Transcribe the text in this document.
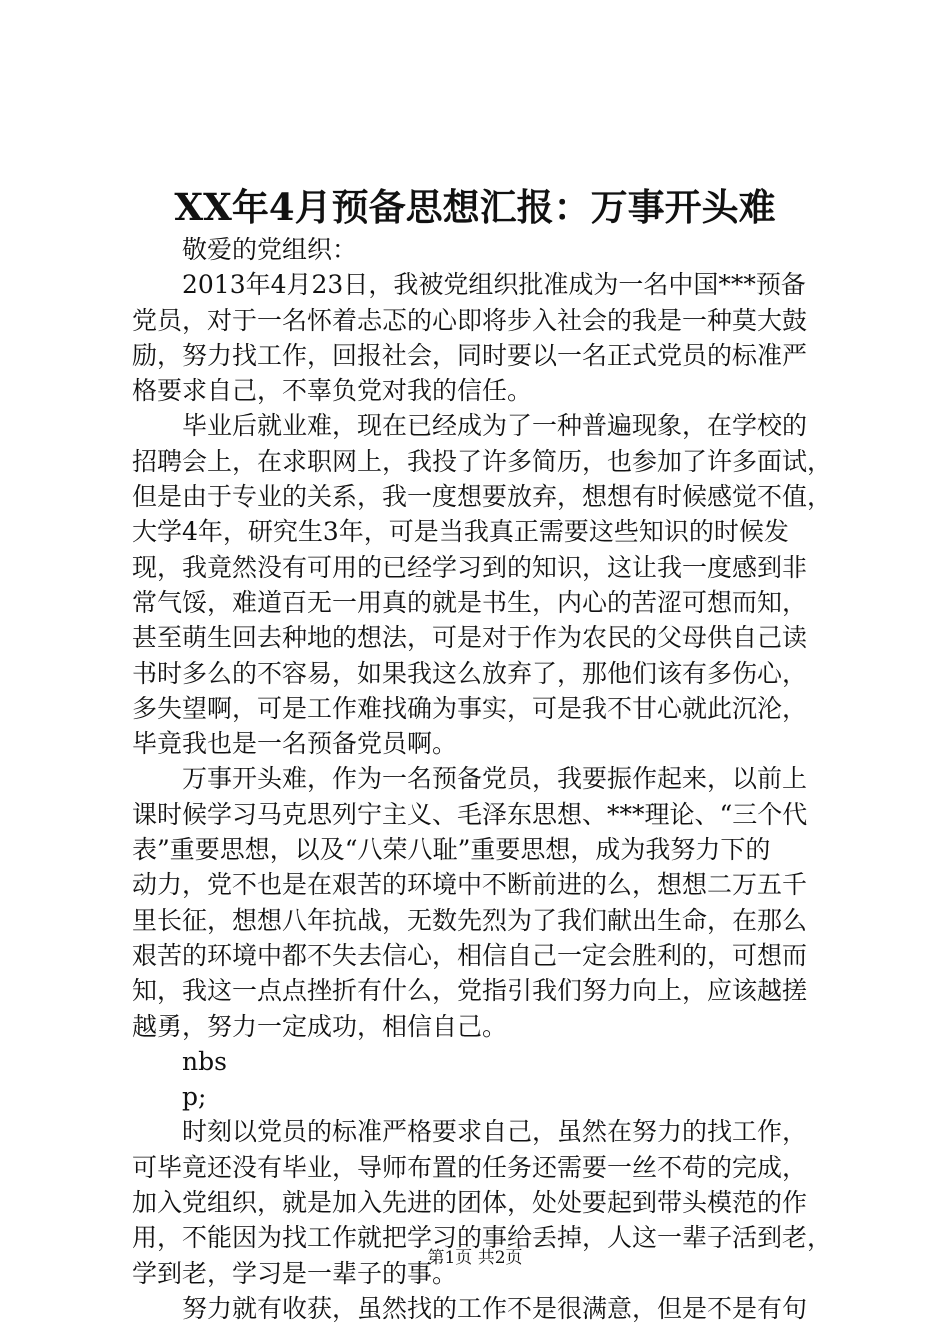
XX年4月预备思想汇报：万事开头难
敬爱的党组织：
2013年4月23日，我被党组织批准成为一名中国***预备
党员，对于一名怀着忐忑的心即将步入社会的我是一种莫大鼓
励，努力找工作，回报社会，同时要以一名正式党员的标准严
格要求自己，不辜负党对我的信任。
毕业后就业难，现在已经成为了一种普遍现象，在学校的
招聘会上，在求职网上，我投了许多简历，也参加了许多面试，
但是由于专业的关系，我一度想要放弃，想想有时候感觉不值，
大学4年，研究生3年，可是当我真正需要这些知识的时候发
现，我竟然没有可用的已经学习到的知识，这让我一度感到非
常气馁，难道百无一用真的就是书生，内心的苦涩可想而知，
甚至萌生回去种地的想法，可是对于作为农民的父母供自己读
书时多么的不容易，如果我这么放弃了，那他们该有多伤心，
多失望啊，可是工作难找确为事实，可是我不甘心就此沉沦，
毕竟我也是一名预备党员啊。
万事开头难，作为一名预备党员，我要振作起来，以前上
课时候学习马克思列宁主义、毛泽东思想、***理论、“三个代
表”重要思想，以及“八荣八耻”重要思想，成为我努力下的
动力，党不也是在艰苦的环境中不断前进的么，想想二万五千
里长征，想想八年抗战，无数先烈为了我们献出生命，在那么
艰苦的环境中都不失去信心，相信自己一定会胜利的，可想而
知，我这一点点挫折有什么，党指引我们努力向上，应该越搓
越勇，努力一定成功，相信自己。
nbs
p;
时刻以党员的标准严格要求自己，虽然在努力的找工作，
可毕竟还没有毕业，导师布置的任务还需要一丝不苟的完成，
加入党组织，就是加入先进的团体，处处要起到带头模范的作
用，不能因为找工作就把学习的事给丢掉，人这一辈子活到老，
学到老，学习是一辈子的事。
努力就有收获，虽然找的工作不是很满意，但是不是有句
第1页 共2页
